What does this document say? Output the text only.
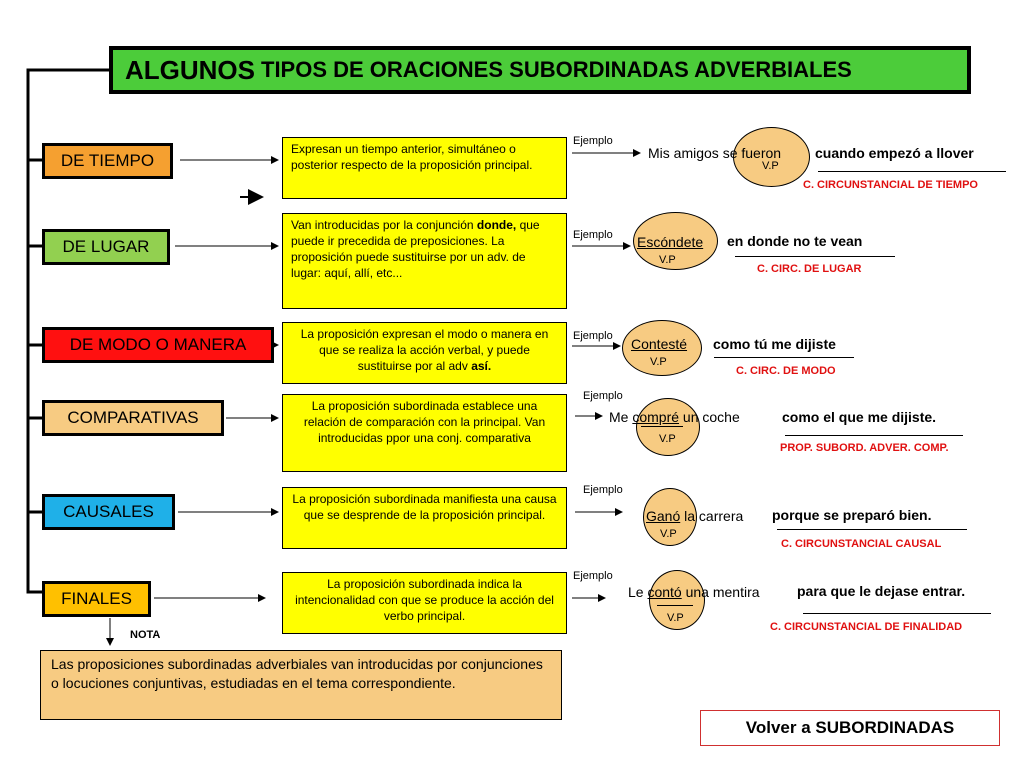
ALGUNOS TIPOS DE ORACIONES SUBORDINADAS ADVERBIALES
DE TIEMPO
DE LUGAR
DE MODO O MANERA
COMPARATIVAS
CAUSALES
FINALES
Expresan un tiempo anterior, simultáneo o posterior respecto de la proposición principal.
Van introducidas por la conjunción donde, que puede ir precedida de preposiciones. La proposición puede sustituirse por un adv. de lugar: aquí, allí, etc...
La proposición expresan el modo o manera en que se realiza la acción verbal, y puede sustituirse por al adv así.
La proposición subordinada establece una relación de comparación con la principal. Van introducidas ppor una conj. comparativa
La proposición subordinada manifiesta una causa que se desprende de la proposición principal.
La proposición subordinada indica la intencionalidad con que se produce la acción del verbo principal.
Ejemplo
Ejemplo
Ejemplo
Ejemplo
Ejemplo
Ejemplo
Mis amigos se fueron cuando empezó a llover
V.P
C. CIRCUNSTANCIAL DE TIEMPO
Escóndete en donde no te vean
V.P
C. CIRC. DE LUGAR
Contesté como tú me dijiste
V.P
C. CIRC. DE MODO
Me compré un coche	como el que me dijiste.
V.P
PROP. SUBORD. ADVER. COMP.
Ganó la carrera porque se preparó bien.
V.P
C. CIRCUNSTANCIAL CAUSAL
Le contó una mentira	para que le dejase entrar.
V.P
C. CIRCUNSTANCIAL DE FINALIDAD
NOTA
Las proposiciones subordinadas adverbiales van introducidas por conjunciones o locuciones conjuntivas, estudiadas en el tema correspondiente.
Volver a SUBORDINADAS
